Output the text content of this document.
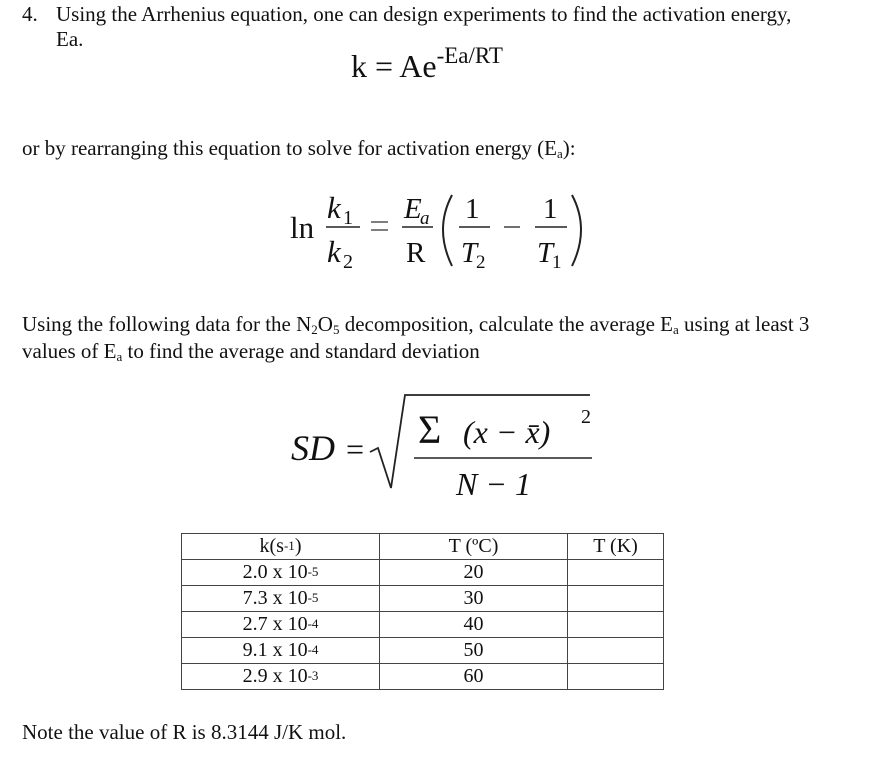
4. Using the Arrhenius equation, one can design experiments to find the activation energy,
Ea.
$k = Ae^{-Ea/RT}$
or by rearranging this equation to solve for activation energy $(E_a)$:
ln
k 1
k 2
E
a
R
1
T
2
1
T
1
Using the following data for the $N_2O_5$ decomposition, calculate the average $E_a$ using at least 3 values of $E_a$ to find the average and standard deviation
SD = Σ (x − x̄) 2
N − 1
$k(s^{-1})$	T (ºC)	T (K)
2.0 x $10^{-5}$	20	
7.3 x $10^{-5}$	30	
2.7 x $10^{-4}$	40	
9.1 x $10^{-4}$	50	
2.9 x $10^{-3}$	60	
Note the value of R is 8.3144 J/K mol.
